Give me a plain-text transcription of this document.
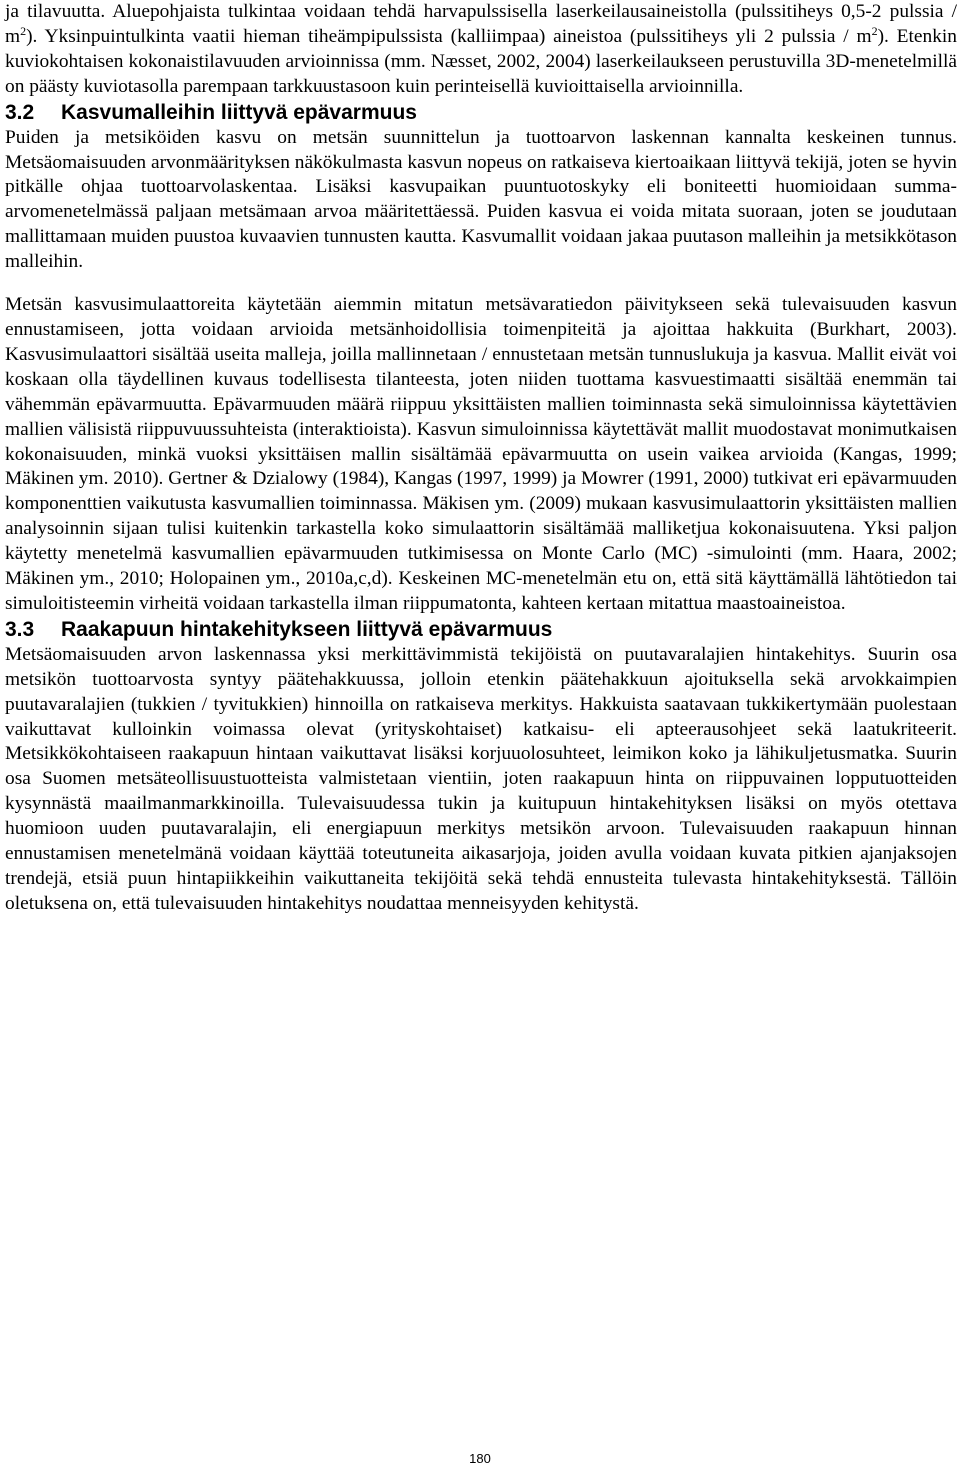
ja tilavuutta. Aluepohjaista tulkintaa voidaan tehdä harvapulssisella laserkeilausaineistolla (pulssitiheys 0,5-2 pulssia / $m^2$). Yksinpuintulkinta vaatii hieman tiheämpipulssista (kalliimpaa) aineistoa (pulssitiheys yli 2 pulssia / $m^2$). Etenkin kuviokohtaisen kokonaistilavuuden arvioinnissa (mm. Næsset, 2002, 2004) laserkeilaukseen perustuvilla 3D-menetelmillä on päästy kuviotasolla parempaan tarkkuustasoon kuin perinteisellä kuvioittaisella arvioinnilla.

3.2	Kasvumalleihin liittyvä epävarmuus

Puiden ja metsiköiden kasvu on metsän suunnittelun ja tuottoarvon laskennan kannalta keskeinen tunnus. Metsäomaisuuden arvonmäärityksen näkökulmasta kasvun nopeus on ratkaiseva kiertoaikaan liittyvä tekijä, joten se hyvin pitkälle ohjaa tuottoarvolaskentaa. Lisäksi kasvupaikan puuntuotoskyky eli boniteetti huomioidaan summa-arvomenetelmässä paljaan metsämaan arvoa määritettäessä. Puiden kasvua ei voida mitata suoraan, joten se joudutaan mallittamaan muiden puustoa kuvaavien tunnusten kautta. Kasvumallit voidaan jakaa puutason malleihin ja metsikkötason malleihin.

Metsän kasvusimulaattoreita käytetään aiemmin mitatun metsävaratiedon päivitykseen sekä tulevaisuuden kasvun ennustamiseen, jotta voidaan arvioida metsänhoidollisia toimenpiteitä ja ajoittaa hakkuita (Burkhart, 2003). Kasvusimulaattori sisältää useita malleja, joilla mallinnetaan / ennustetaan metsän tunnuslukuja ja kasvua. Mallit eivät voi koskaan olla täydellinen kuvaus todellisesta tilanteesta, joten niiden tuottama kasvuestimaatti sisältää enemmän tai vähemmän epävarmuutta. Epävarmuuden määrä riippuu yksittäisten mallien toiminnasta sekä simuloinnissa käytettävien mallien välisistä riippuvuussuhteista (interaktioista). Kasvun simuloinnissa käytettävät mallit muodostavat monimutkaisen kokonaisuuden, minkä vuoksi yksittäisen mallin sisältämää epävarmuutta on usein vaikea arvioida (Kangas, 1999; Mäkinen ym. 2010). Gertner & Dzialowy (1984), Kangas (1997, 1999) ja Mowrer (1991, 2000) tutkivat eri epävarmuuden komponenttien vaikutusta kasvumallien toiminnassa. Mäkisen ym. (2009) mukaan kasvusimulaattorin yksittäisten mallien analysoinnin sijaan tulisi kuitenkin tarkastella koko simulaattorin sisältämää malliketjua kokonaisuutena. Yksi paljon käytetty menetelmä kasvumallien epävarmuuden tutkimisessa on Monte Carlo (MC) -simulointi (mm. Haara, 2002; Mäkinen ym., 2010; Holopainen ym., 2010a,c,d). Keskeinen MC-menetelmän etu on, että sitä käyttämällä lähtötiedon tai simuloitisteemin virheitä voidaan tarkastella ilman riippumatonta, kahteen kertaan mitattua maastoaineistoa.

3.3	Raakapuun hintakehitykseen liittyvä epävarmuus

Metsäomaisuuden arvon laskennassa yksi merkittävimmistä tekijöistä on puutavaralajien hintakehitys. Suurin osa metsikön tuottoarvosta syntyy päätehakkuussa, jolloin etenkin päätehakkuun ajoituksella sekä arvokkaimpien puutavaralajien (tukkien / tyvitukkien) hinnoilla on ratkaiseva merkitys. Hakkuista saatavaan tukkikertymään puolestaan vaikuttavat kulloinkin voimassa olevat (yrityskohtaiset) katkaisu- eli apteerausohjeet sekä laatukriteerit. Metsikkökohtaiseen raakapuun hintaan vaikuttavat lisäksi korjuuolosuhteet, leimikon koko ja lähikuljetusmatka. Suurin osa Suomen metsäteollisuustuotteista valmistetaan vientiin, joten raakapuun hinta on riippuvainen lopputuotteiden kysynnästä maailmanmarkkinoilla. Tulevaisuudessa tukin ja kuitupuun hintakehityksen lisäksi on myös otettava huomioon uuden puutavaralajin, eli energiapuun merkitys metsikön arvoon. Tulevaisuuden raakapuun hinnan ennustamisen menetelmänä voidaan käyttää toteutuneita aikasarjoja, joiden avulla voidaan kuvata pitkien ajanjaksojen trendejä, etsiä puun hintapiikkeihin vaikuttaneita tekijöitä sekä tehdä ennusteita tulevasta hintakehityksestä. Tällöin oletuksena on, että tulevaisuuden hintakehitys noudattaa menneisyyden kehitystä.

180
